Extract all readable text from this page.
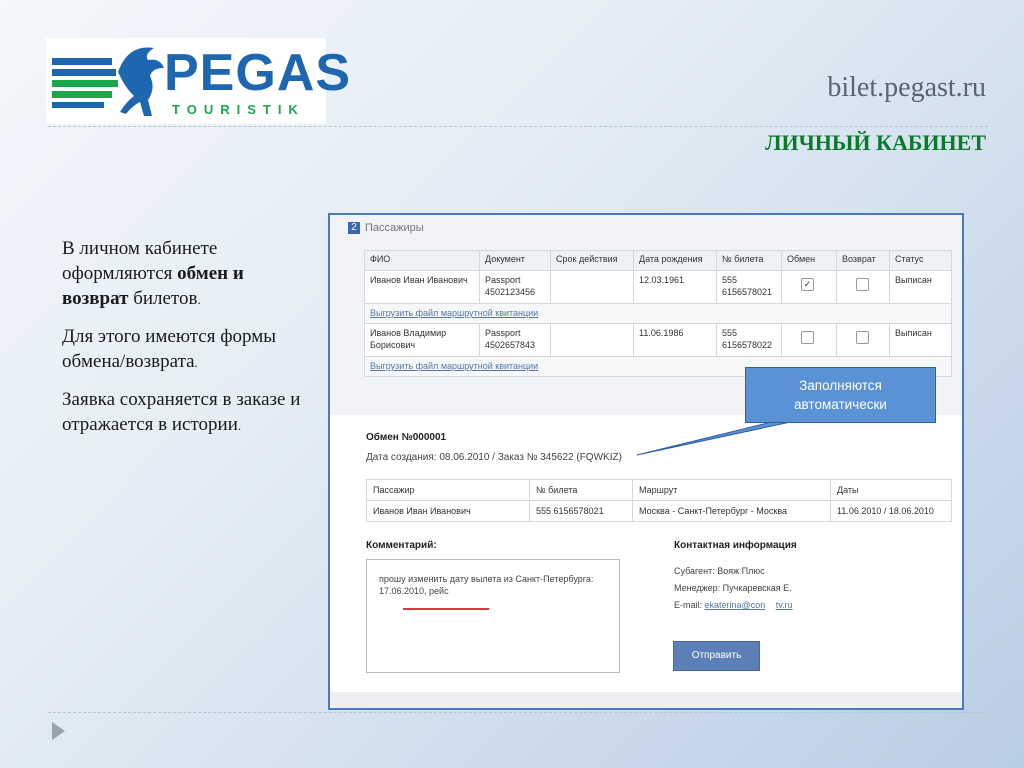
PEGAS
TOURISTIK
bilet.pegast.ru
ЛИЧНЫЙ КАБИНЕТ

В личном кабинете оформляются обмен и возврат билетов.

Для этого имеются формы обмена/возврата.

Заявка сохраняется в заказе и отражается в истории.

2 Пассажиры
ФИО	Документ	Срок действия	Дата рождения	№ билета	Обмен	Возврат	Статус
Иванов Иван Иванович	Passport 4502123456		12.03.1961	555 6156578021	✓		Выписан
Выгрузить файл маршрутной квитанции							
Иванов Владимир Борисович	Passport 4502657843		11.06.1986	555 6156578022			Выписан
Выгрузить файл маршрутной квитанции							
Обмен №000001
Дата создания: 08.06.2010 / Заказ № 345622 (FQWKIZ)
Пассажир	№ билета	Маршрут	Даты
Иванов Иван Иванович	555 6156578021	Москва - Санкт-Петербург - Москва	11.06.2010 / 18.06.2010
Комментарий:
прошу изменить дату вылета из Санкт-Петербурга: 17.06.2010, рейс
Контактная информация
Субагент: Вояж Плюс
Менеджер: Пучкаревская Е.
E-mail: ekaterina@con tv.ru
Отправить
Заполняются
автоматически
